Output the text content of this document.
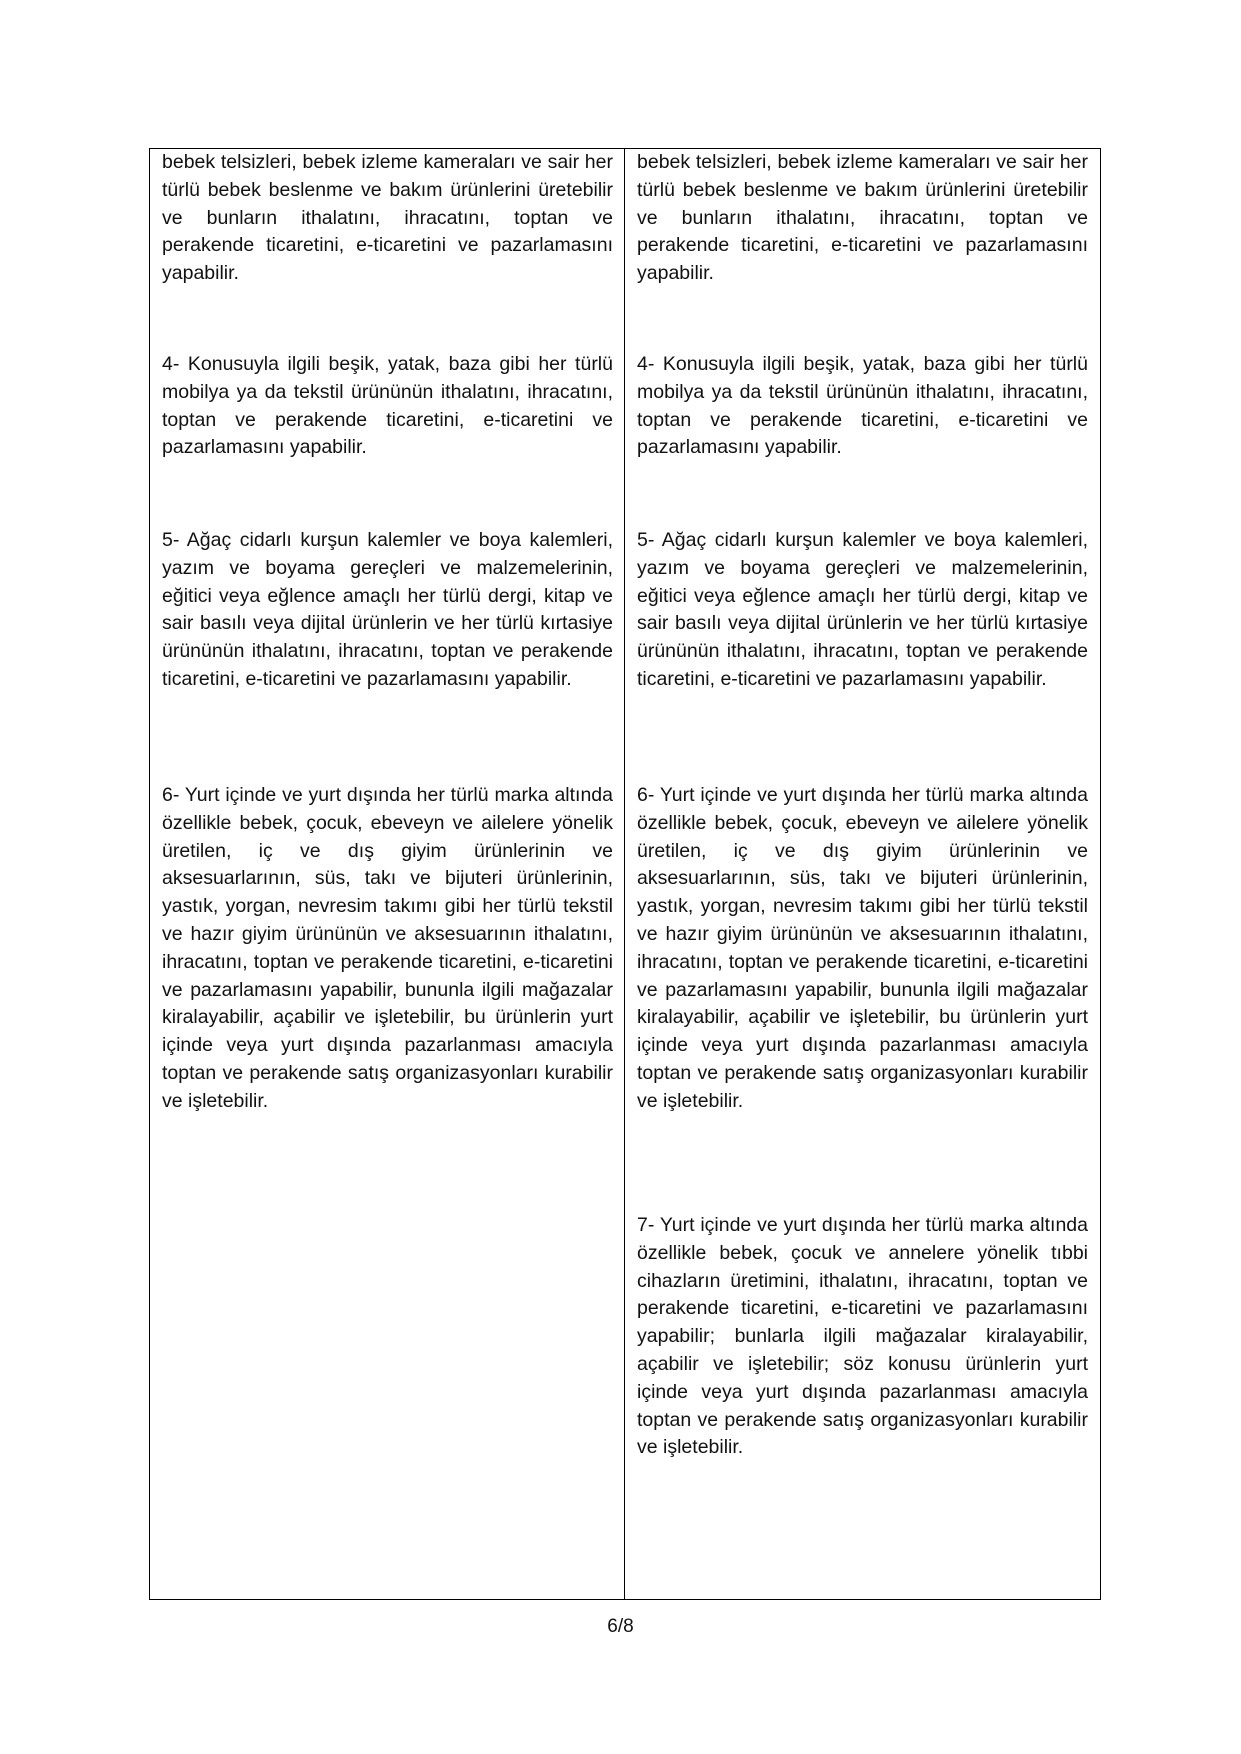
bebek telsizleri, bebek izleme kameraları ve sair her türlü bebek beslenme ve bakım ürünlerini üretebilir ve bunların ithalatını, ihracatını, toptan ve perakende ticaretini, e-ticaretini ve pazarlamasını yapabilir.

4- Konusuyla ilgili beşik, yatak, baza gibi her türlü mobilya ya da tekstil ürününün ithalatını, ihracatını, toptan ve perakende ticaretini, e-ticaretini ve pazarlamasını yapabilir.

5- Ağaç cidarlı kurşun kalemler ve boya kalemleri, yazım ve boyama gereçleri ve malzemelerinin, eğitici veya eğlence amaçlı her türlü dergi, kitap ve sair basılı veya dijital ürünlerin ve her türlü kırtasiye ürününün ithalatını, ihracatını, toptan ve perakende ticaretini, e-ticaretini ve pazarlamasını yapabilir.

6- Yurt içinde ve yurt dışında her türlü marka altında özellikle bebek, çocuk, ebeveyn ve ailelere yönelik üretilen, iç ve dış giyim ürünlerinin ve aksesuarlarının, süs, takı ve bijuteri ürünlerinin, yastık, yorgan, nevresim takımı gibi her türlü tekstil ve hazır giyim ürününün ve aksesuarının ithalatını, ihracatını, toptan ve perakende ticaretini, e-ticaretini ve pazarlamasını yapabilir, bununla ilgili mağazalar kiralayabilir, açabilir ve işletebilir, bu ürünlerin yurt içinde veya yurt dışında pazarlanması amacıyla toptan ve perakende satış organizasyonları kurabilir ve işletebilir.

bebek telsizleri, bebek izleme kameraları ve sair her türlü bebek beslenme ve bakım ürünlerini üretebilir ve bunların ithalatını, ihracatını, toptan ve perakende ticaretini, e-ticaretini ve pazarlamasını yapabilir.

4- Konusuyla ilgili beşik, yatak, baza gibi her türlü mobilya ya da tekstil ürününün ithalatını, ihracatını, toptan ve perakende ticaretini, e-ticaretini ve pazarlamasını yapabilir.

5- Ağaç cidarlı kurşun kalemler ve boya kalemleri, yazım ve boyama gereçleri ve malzemelerinin, eğitici veya eğlence amaçlı her türlü dergi, kitap ve sair basılı veya dijital ürünlerin ve her türlü kırtasiye ürününün ithalatını, ihracatını, toptan ve perakende ticaretini, e-ticaretini ve pazarlamasını yapabilir.

6- Yurt içinde ve yurt dışında her türlü marka altında özellikle bebek, çocuk, ebeveyn ve ailelere yönelik üretilen, iç ve dış giyim ürünlerinin ve aksesuarlarının, süs, takı ve bijuteri ürünlerinin, yastık, yorgan, nevresim takımı gibi her türlü tekstil ve hazır giyim ürününün ve aksesuarının ithalatını, ihracatını, toptan ve perakende ticaretini, e-ticaretini ve pazarlamasını yapabilir, bununla ilgili mağazalar kiralayabilir, açabilir ve işletebilir, bu ürünlerin yurt içinde veya yurt dışında pazarlanması amacıyla toptan ve perakende satış organizasyonları kurabilir ve işletebilir.

7- Yurt içinde ve yurt dışında her türlü marka altında özellikle bebek, çocuk ve annelere yönelik tıbbi cihazların üretimini, ithalatını, ihracatını, toptan ve perakende ticaretini, e-ticaretini ve pazarlamasını yapabilir; bunlarla ilgili mağazalar kiralayabilir, açabilir ve işletebilir; söz konusu ürünlerin yurt içinde veya yurt dışında pazarlanması amacıyla toptan ve perakende satış organizasyonları kurabilir ve işletebilir.

6/8
